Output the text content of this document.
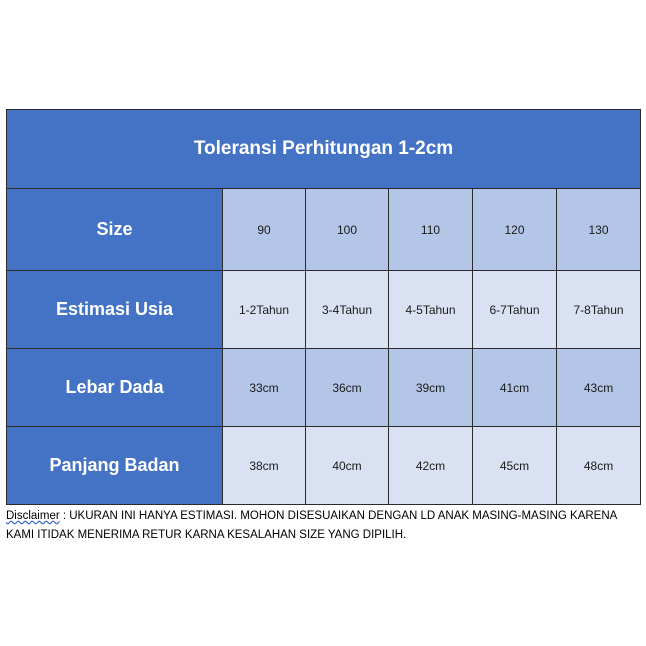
Toleransi Perhitungan 1-2cm					
Size	90	100	110	120	130
Estimasi Usia	1-2Tahun	3-4Tahun	4-5Tahun	6-7Tahun	7-8Tahun
Lebar Dada	33cm	36cm	39cm	41cm	43cm
Panjang Badan	38cm	40cm	42cm	45cm	48cm
Disclaimer : UKURAN INI HANYA ESTIMASI. MOHON DISESUAIKAN DENGAN LD ANAK MASING-MASING KARENA KAMI ITIDAK MENERIMA RETUR KARNA KESALAHAN SIZE YANG DIPILIH.
